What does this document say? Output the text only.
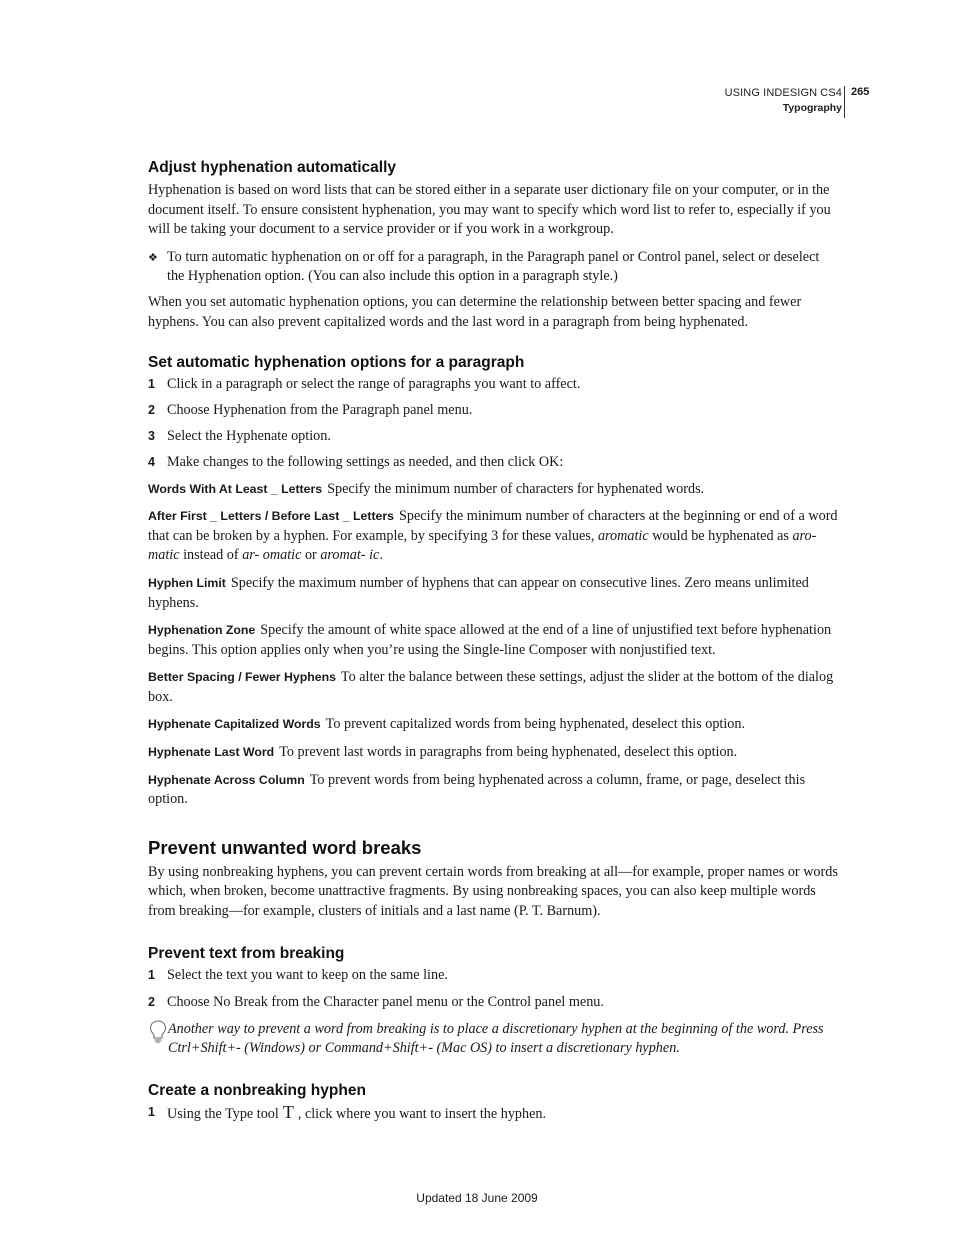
USING INDESIGN CS4
Typography
265
Adjust hyphenation automatically

Hyphenation is based on word lists that can be stored either in a separate user dictionary file on your computer, or in the document itself. To ensure consistent hyphenation, you may want to specify which word list to refer to, especially if you will be taking your document to a service provider or if you work in a workgroup.

❖ To turn automatic hyphenation on or off for a paragraph, in the Paragraph panel or Control panel, select or deselect the Hyphenation option. (You can also include this option in a paragraph style.)

When you set automatic hyphenation options, you can determine the relationship between better spacing and fewer hyphens. You can also prevent capitalized words and the last word in a paragraph from being hyphenated.

Set automatic hyphenation options for a paragraph
1 Click in a paragraph or select the range of paragraphs you want to affect.
2 Choose Hyphenation from the Paragraph panel menu.
3 Select the Hyphenate option.
4 Make changes to the following settings as needed, and then click OK:

Words With At Least _ Letters Specify the minimum number of characters for hyphenated words.

After First _ Letters / Before Last _ Letters Specify the minimum number of characters at the beginning or end of a word that can be broken by a hyphen. For example, by specifying 3 for these values, aromatic would be hyphenated as aro- matic instead of ar- omatic or aromat- ic.

Hyphen Limit Specify the maximum number of hyphens that can appear on consecutive lines. Zero means unlimited hyphens.

Hyphenation Zone Specify the amount of white space allowed at the end of a line of unjustified text before hyphenation begins. This option applies only when you’re using the Single-line Composer with nonjustified text.

Better Spacing / Fewer Hyphens To alter the balance between these settings, adjust the slider at the bottom of the dialog box.

Hyphenate Capitalized Words To prevent capitalized words from being hyphenated, deselect this option.

Hyphenate Last Word To prevent last words in paragraphs from being hyphenated, deselect this option.

Hyphenate Across Column To prevent words from being hyphenated across a column, frame, or page, deselect this option.

Prevent unwanted word breaks

By using nonbreaking hyphens, you can prevent certain words from breaking at all—for example, proper names or words which, when broken, become unattractive fragments. By using nonbreaking spaces, you can also keep multiple words from breaking—for example, clusters of initials and a last name (P. T. Barnum).

Prevent text from breaking
1 Select the text you want to keep on the same line.
2 Choose No Break from the Character panel menu or the Control panel menu.
Another way to prevent a word from breaking is to place a discretionary hyphen at the beginning of the word. Press Ctrl+Shift+- (Windows) or Command+Shift+- (Mac OS) to insert a discretionary hyphen.
Create a nonbreaking hyphen
1 Using the Type tool T , click where you want to insert the hyphen.
Updated 18 June 2009
